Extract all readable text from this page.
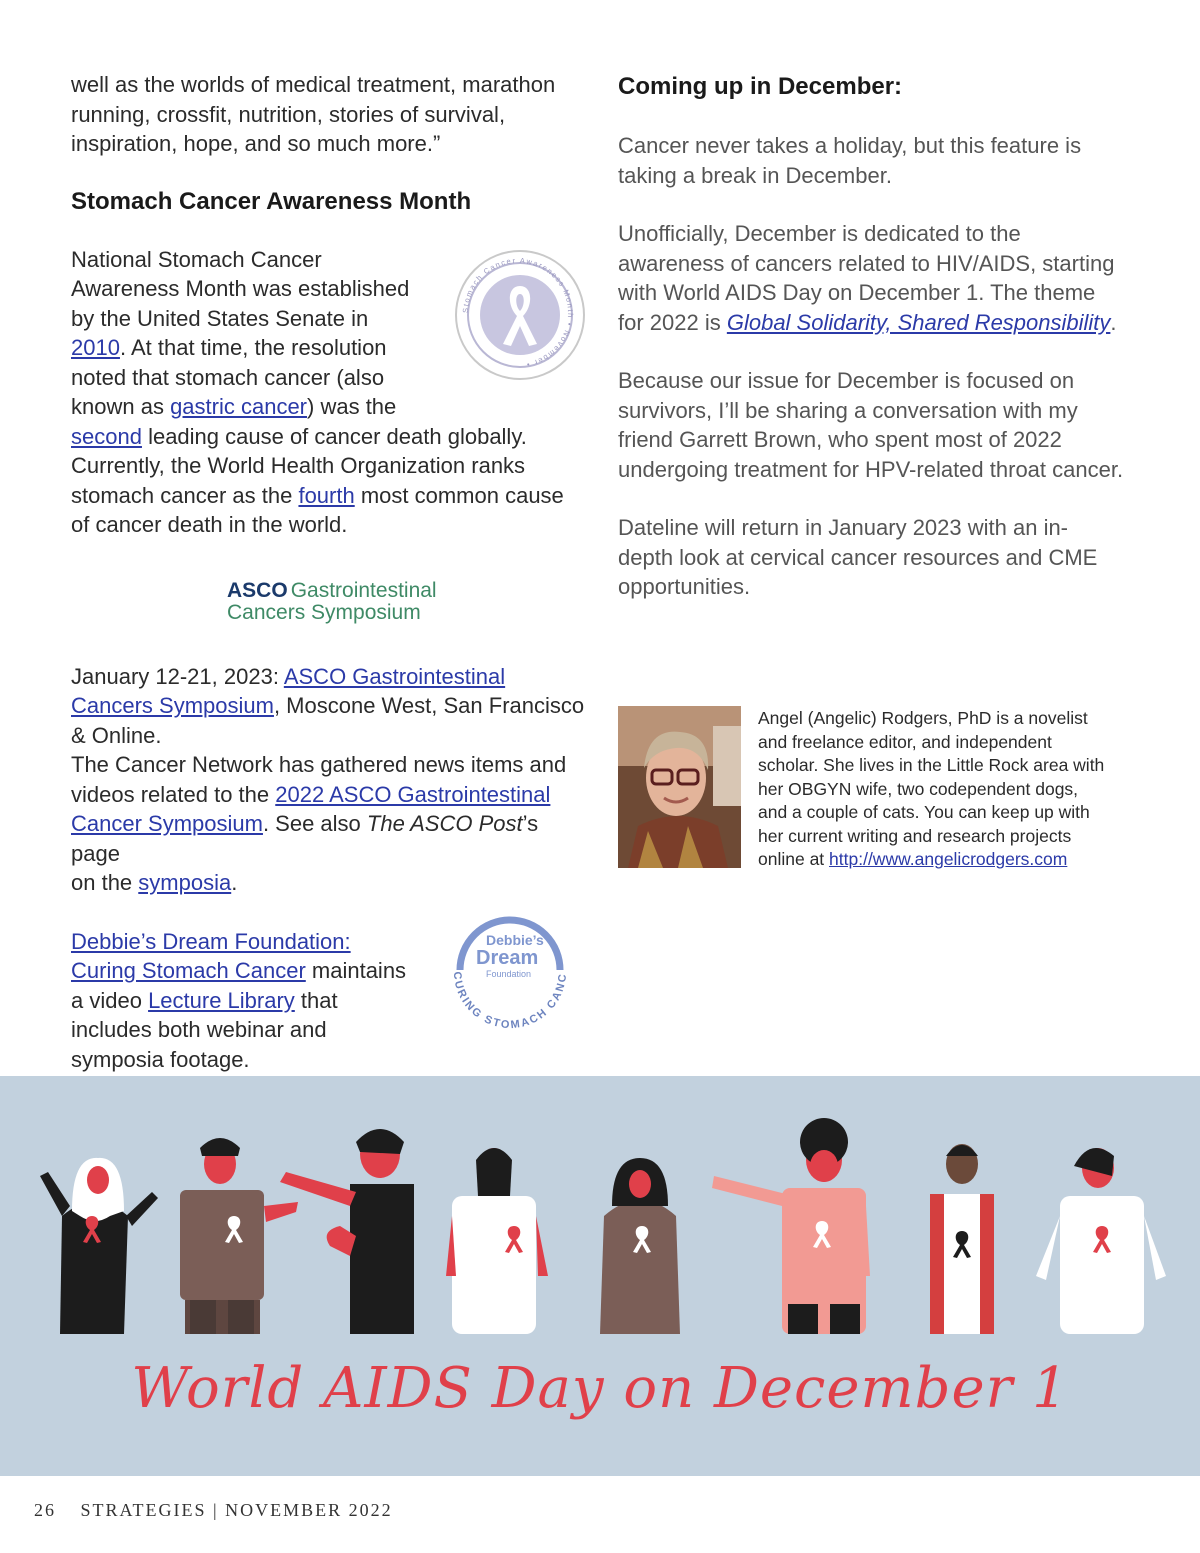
well as the worlds of medical treatment, marathon

running, crossfit, nutrition, stories of survival,

inspiration, hope, and so much more.”

Stomach Cancer Awareness Month

National Stomach Cancer

Awareness Month was established

by the United States Senate in

2010. At that time, the resolution

noted that stomach cancer (also

known as gastric cancer) was the

second leading cause of cancer death globally.

Currently, the World Health Organization ranks

stomach cancer as the fourth most common cause

of cancer death in the world.

ASCO Gastrointestinal
Cancers Symposium

January 12-21, 2023: ASCO Gastrointestinal

Cancers Symposium, Moscone West, San Francisco

& Online.

The Cancer Network has gathered news items and

videos related to the 2022 ASCO Gastrointestinal

Cancer Symposium. See also The ASCO Post’s page

on the symposia.

Debbie’s Dream Foundation:

Curing Stomach Cancer maintains

a video Lecture Library that

includes both webinar and

symposia footage.

Stomach Cancer Awareness Month • November •
CURING STOMACH CANC
Debbie’s
Dream
Foundation
Coming up in December:

Cancer never takes a holiday, but this feature is

taking a break in December.

Unofficially, December is dedicated to the

awareness of cancers related to HIV/AIDS, starting

with World AIDS Day on December 1. The theme

for 2022 is Global Solidarity, Shared Responsibility.

Because our issue for December is focused on

survivors, I’ll be sharing a conversation with my

friend Garrett Brown, who spent most of 2022

undergoing treatment for HPV-related throat cancer.

Dateline will return in January 2023 with an in-

depth look at cervical cancer resources and CME

opportunities.

Angel (Angelic) Rodgers, PhD is a novelist
and freelance editor, and independent
scholar. She lives in the Little Rock area with
her OBGYN wife, two codependent dogs,
and a couple of cats. You can keep up with
her current writing and research projects
online at http://www.angelicrodgers.com
World AIDS Day on December 1
26 STRATEGIES | NOVEMBER 2022
